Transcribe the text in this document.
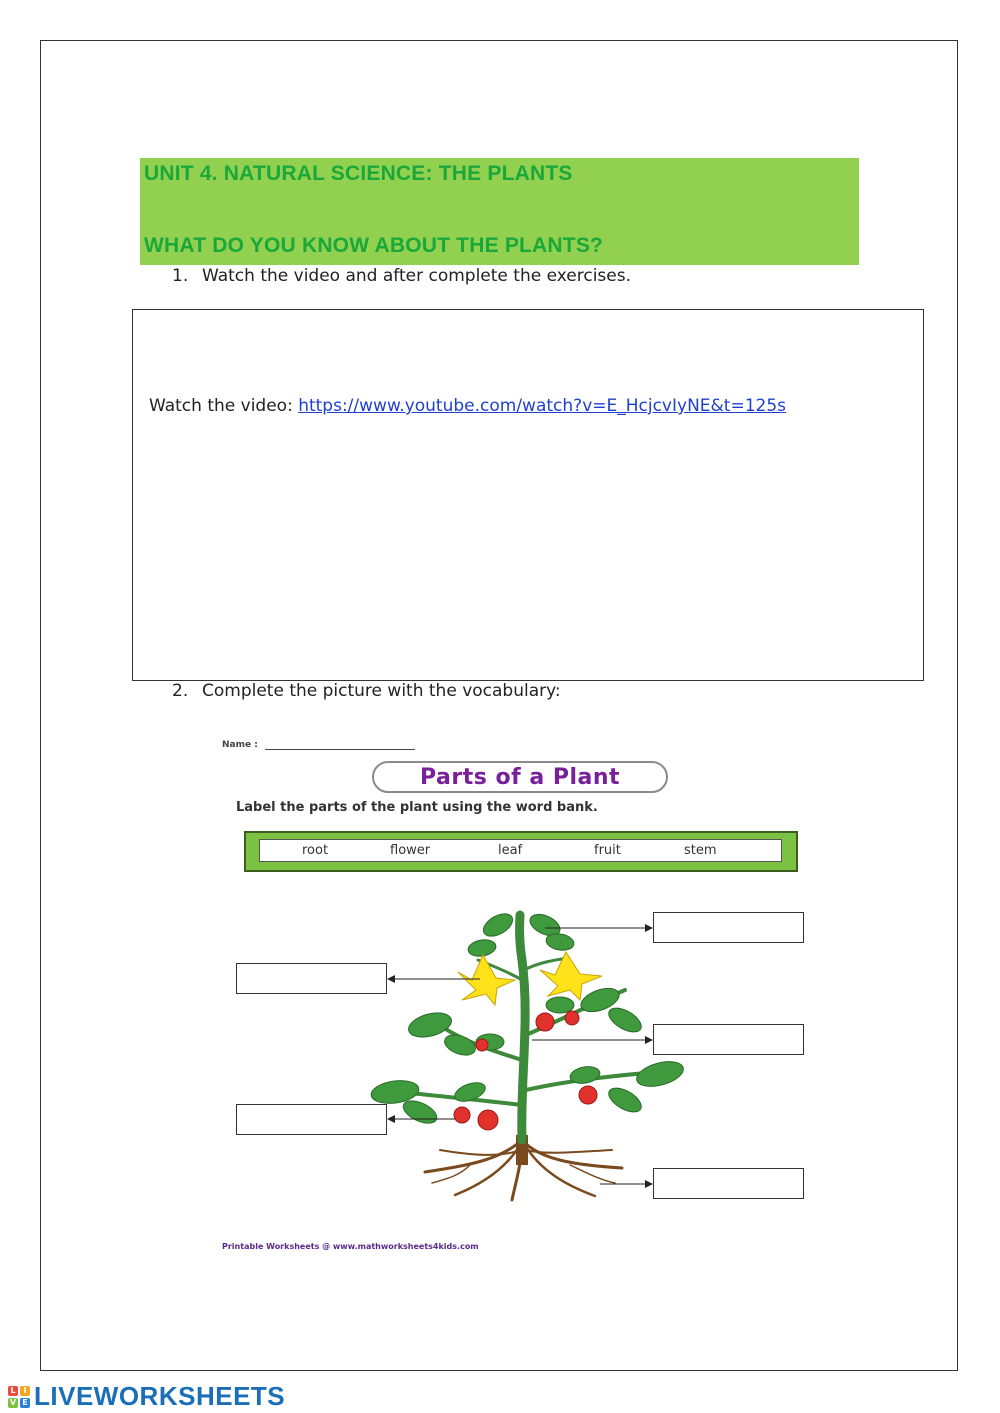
UNIT 4. NATURAL SCIENCE: THE PLANTS
WHAT DO YOU KNOW ABOUT THE PLANTS?
1. Watch the video and after complete the exercises.
Watch the video: https://www.youtube.com/watch?v=E_HcjcvIyNE&t=125s
2. Complete the picture with the vocabulary:
Name :
Parts of a Plant
Label the parts of the plant using the word bank.
root	flower	leaf	fruit	stem
Printable Worksheets @ www.mathworksheets4kids.com
L I
V E LIVEWORKSHEETS
